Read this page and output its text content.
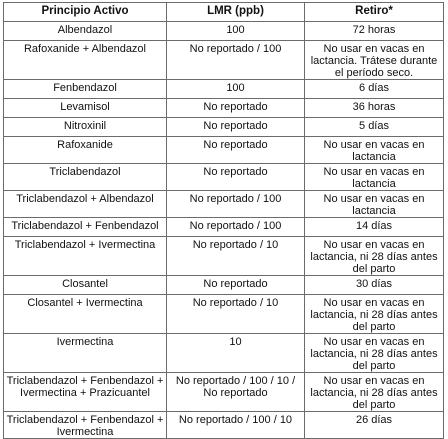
Principio Activo	LMR (ppb)	Retiro*
Albendazol	100	72 horas
Rafoxanide + Albendazol	No reportado / 100	No usar en vacas en lactancia. Trátese durante el período seco.
Fenbendazol	100	6 días
Levamisol	No reportado	36 horas
Nitroxinil	No reportado	5 días
Rafoxanide	No reportado	No usar en vacas en lactancia
Triclabendazol	No reportado	No usar en vacas en lactancia
Triclabendazol + Albendazol	No reportado / 100	No usar en vacas en lactancia
Triclabendazol + Fenbendazol	No reportado / 100	14 días
Triclabendazol + Ivermectina	No reportado / 10	No usar en vacas en lactancia, ni 28 días antes del parto
Closantel	No reportado	30 días
Closantel + Ivermectina	No reportado / 10	No usar en vacas en lactancia, ni 28 días antes del parto
Ivermectina	10	No usar en vacas en lactancia, ni 28 días antes del parto
Triclabendazol + Fenbendazol + Ivermectina + Prazicuantel	No reportado / 100 / 10 / No reportado	No usar en vacas en lactancia, ni 28 días antes del parto
Triclabendazol + Fenbendazol + Ivermectina	No reportado / 100 / 10	26 días
